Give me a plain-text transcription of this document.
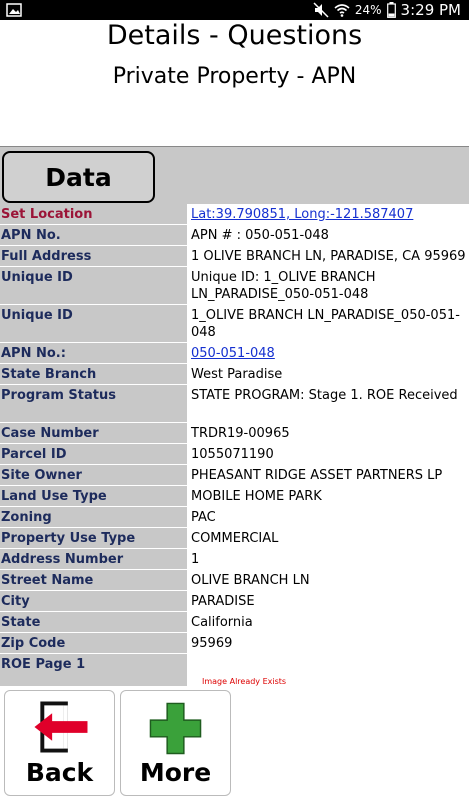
24% 3:29 PM
Details - Questions
Private Property - APN
Data
Set Location	Lat:39.790851, Long:-121.587407
APN No.	APN # : 050-051-048
Full Address	1 OLIVE BRANCH LN, PARADISE, CA 95969
Unique ID	Unique ID: 1_OLIVE BRANCH LN_PARADISE_050-051-048
Unique ID	1_OLIVE BRANCH LN_PARADISE_050-051-048
APN No.:	050-051-048
State Branch	West Paradise
Program Status	STATE PROGRAM: Stage 1. ROE Received
Case Number	TRDR19-00965
Parcel ID	1055071190
Site Owner	PHEASANT RIDGE ASSET PARTNERS LP
Land Use Type	MOBILE HOME PARK
Zoning	PAC
Property Use Type	COMMERCIAL
Address Number	1
Street Name	OLIVE BRANCH LN
City	PARADISE
State	California
Zip Code	95969
ROE Page 1
Image Already Exists
Back	More
